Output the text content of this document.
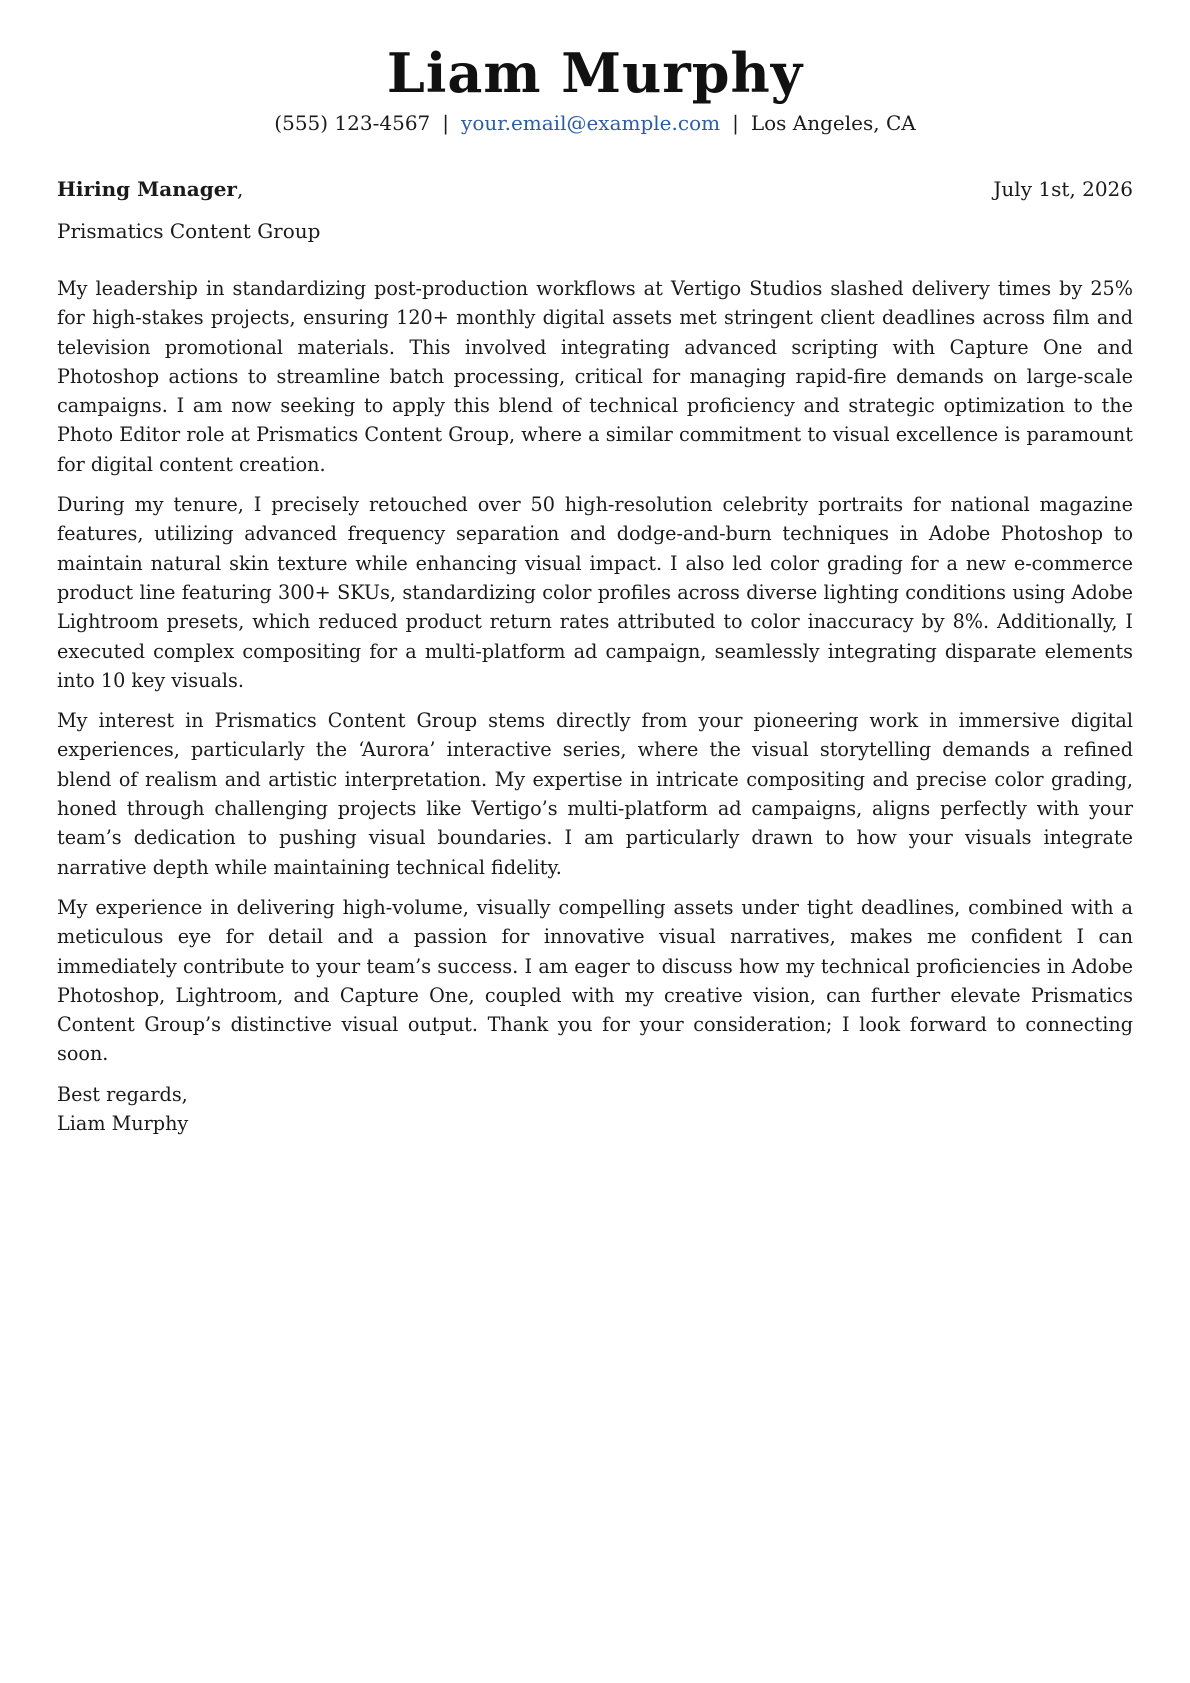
Liam Murphy
(555) 123-4567 | your.email@example.com | Los Angeles, CA
Hiring Manager,	July 1st, 2026
Prismatics Content Group

My leadership in standardizing post-production workflows at Vertigo Studios slashed delivery times by 25% for high-stakes projects, ensuring 120+ monthly digital assets met stringent client deadlines across film and television promotional materials. This involved integrating advanced scripting with Capture One and Photoshop actions to streamline batch processing, critical for managing rapid-fire demands on large-scale campaigns. I am now seeking to apply this blend of technical proficiency and strategic optimization to the Photo Editor role at Prismatics Content Group, where a similar commitment to visual excellence is paramount for digital content creation.

During my tenure, I precisely retouched over 50 high-resolution celebrity portraits for national magazine features, utilizing advanced frequency separation and dodge-and-burn techniques in Adobe Photoshop to maintain natural skin texture while enhancing visual impact. I also led color grading for a new e-commerce product line featuring 300+ SKUs, standardizing color profiles across diverse lighting conditions using Adobe Lightroom presets, which reduced product return rates attributed to color inaccuracy by 8%. Additionally, I executed complex compositing for a multi-platform ad campaign, seamlessly integrating disparate elements into 10 key visuals.

My interest in Prismatics Content Group stems directly from your pioneering work in immersive digital experiences, particularly the ‘Aurora’ interactive series, where the visual storytelling demands a refined blend of realism and artistic interpretation. My expertise in intricate compositing and precise color grading, honed through challenging projects like Vertigo’s multi-platform ad campaigns, aligns perfectly with your team’s dedication to pushing visual boundaries. I am particularly drawn to how your visuals integrate narrative depth while maintaining technical fidelity.

My experience in delivering high-volume, visually compelling assets under tight deadlines, combined with a meticulous eye for detail and a passion for innovative visual narratives, makes me confident I can immediately contribute to your team’s success. I am eager to discuss how my technical proficiencies in Adobe Photoshop, Lightroom, and Capture One, coupled with my creative vision, can further elevate Prismatics Content Group’s distinctive visual output. Thank you for your consideration; I look forward to connecting soon.

Best regards,
Liam Murphy
